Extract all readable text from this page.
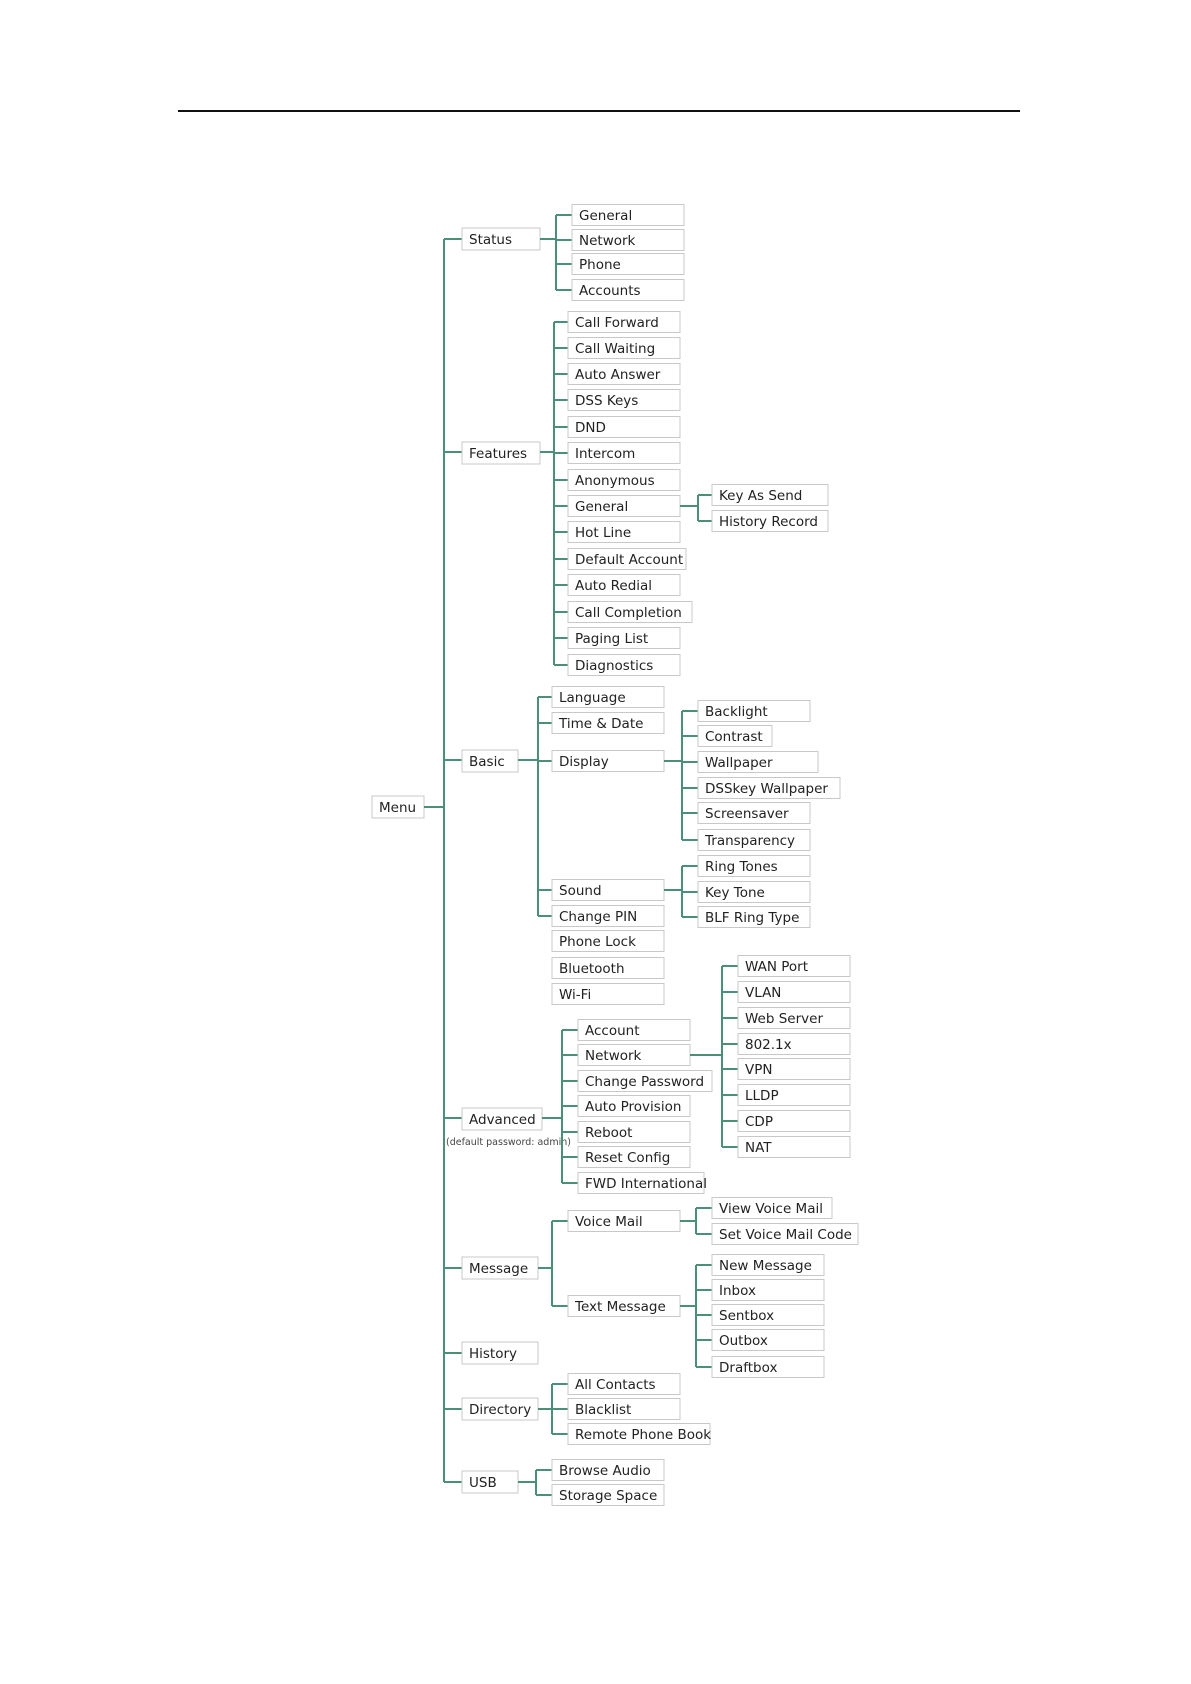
Menu
Status
General
Network
Phone
Accounts
Features
Call Forward
Call Waiting
Auto Answer
DSS Keys
DND
Intercom
Anonymous
General
Hot Line
Default Account
Auto Redial
Call Completion
Paging List
Diagnostics
Key As Send
History Record
Basic
Language
Time & Date
Display
Sound
Change PIN
Phone Lock
Bluetooth
Wi-Fi
Backlight
Contrast
Wallpaper
DSSkey Wallpaper
Screensaver
Transparency
Ring Tones
Key Tone
BLF Ring Type
Advanced
(default password: admin)
Account
Network
Change Password
Auto Provision
Reboot
Reset Config
FWD International
WAN Port
VLAN
Web Server
802.1x
VPN
LLDP
CDP
NAT
Message
Voice Mail
Text Message
View Voice Mail
Set Voice Mail Code
New Message
Inbox
Sentbox
Outbox
Draftbox
History
Directory
All Contacts
Blacklist
Remote Phone Book
USB
Browse Audio
Storage Space
